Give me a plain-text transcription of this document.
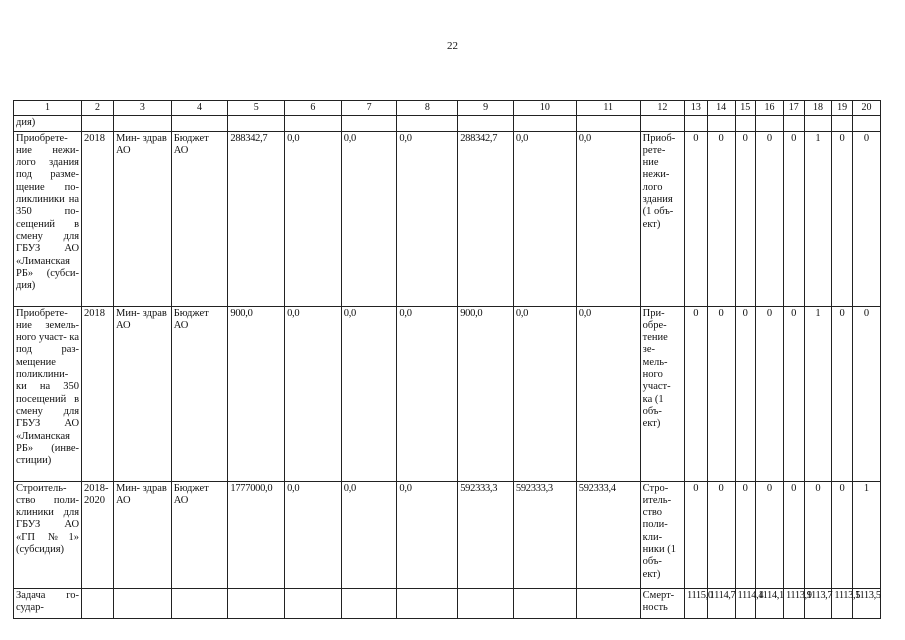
22
1	2	3	4	5	6	7	8	9	10	11	12	13	14	15	16	17	18	19	20
дия)																			
Приобрете- ние нежи- лого здания под разме- щение по- ликлиники на 350 по- сещений в смену для ГБУЗ АО «Лиманская РБ» (субси- дия)	2018	Мин- здрав АО	Бюджет АО	288342,7	0,0	0,0	0,0	288342,7	0,0	0,0	Приоб- рете- ние нежи- лого здания (1 объ- ект)	0	0	0	0	0	1	0	0
Приобрете- ние земель- ного участ- ка под раз- мещение поликлини- ки на 350 посещений в смену для ГБУЗ АО «Лиманская РБ» (инве- стиции)	2018	Мин- здрав АО	Бюджет АО	900,0	0,0	0,0	0,0	900,0	0,0	0,0	При- обре- тение зе- мель- ного участ- ка (1 объ- ект)	0	0	0	0	0	1	0	0
Строитель- ство поли- клиники для ГБУЗ АО «ГП №1» (субсидия)	2018- 2020	Мин- здрав АО	Бюджет АО	1777000,0	0,0	0,0	0,0	592333,3	592333,3	592333,4	Стро- итель- ство поли- кли- ники (1 объ- ект)	0	0	0	0	0	0	0	1
Задача го- судар-											Смерт- ность	1115,0	1114,7	1114,4	1114,1	1113,9	1113,7	1113,5	1113,5
